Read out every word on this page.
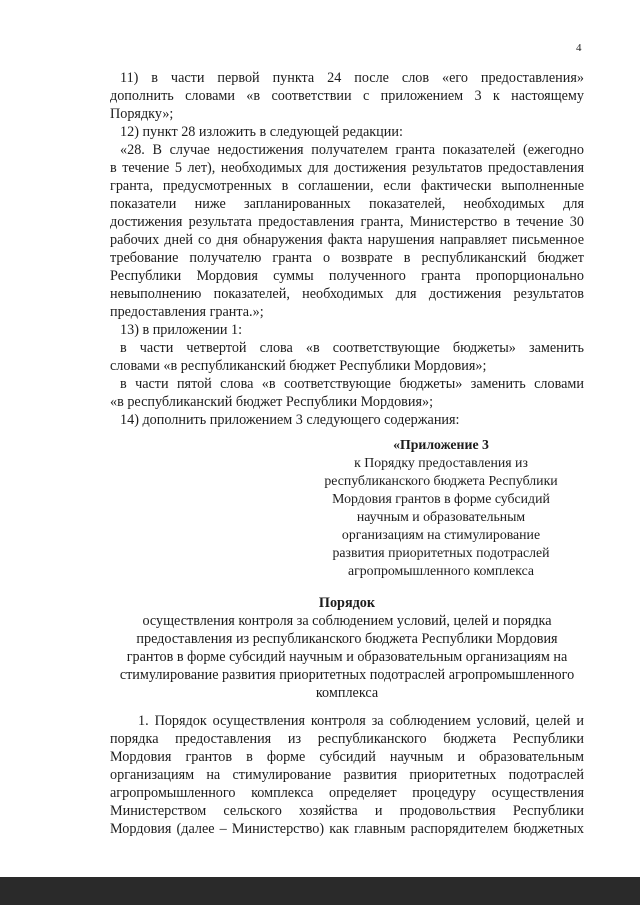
4
11) в части первой пункта 24 после слов «его предоставления»
дополнить словами «в соответствии с приложением 3 к настоящему
Порядку»;
12) пункт 28 изложить в следующей редакции:
«28. В случае недостижения получателем гранта показателей (ежегодно
в течение 5 лет), необходимых для достижения результатов предоставления
гранта, предусмотренных в соглашении, если фактически выполненные
показатели ниже запланированных показателей, необходимых для
достижения результата предоставления гранта, Министерство в течение 30
рабочих дней со дня обнаружения факта нарушения направляет письменное
требование получателю гранта о возврате в республиканский бюджет
Республики Мордовия суммы полученного гранта пропорционально
невыполнению показателей, необходимых для достижения результатов
предоставления гранта.»;
13) в приложении 1:
в части четвертой слова «в соответствующие бюджеты» заменить
словами «в республиканский бюджет Республики Мордовия»;
в части пятой слова «в соответствующие бюджеты» заменить словами
«в республиканский бюджет Республики Мордовия»;
14) дополнить приложением 3 следующего содержания:
«Приложение 3
к Порядку предоставления из
республиканского бюджета Республики
Мордовия грантов в форме субсидий
научным и образовательным
организациям на стимулирование
развития приоритетных подотраслей
агропромышленного комплекса
Порядок
осуществления контроля за соблюдением условий, целей и порядка
предоставления из республиканского бюджета Республики Мордовия
грантов в форме субсидий научным и образовательным организациям на
стимулирование развития приоритетных подотраслей агропромышленного
комплекса
1. Порядок осуществления контроля за соблюдением условий, целей и
порядка предоставления из республиканского бюджета Республики
Мордовия грантов в форме субсидий научным и образовательным
организациям на стимулирование развития приоритетных подотраслей
агропромышленного комплекса определяет процедуру осуществления
Министерством сельского хозяйства и продовольствия Республики
Мордовия (далее – Министерство) как главным распорядителем бюджетных
